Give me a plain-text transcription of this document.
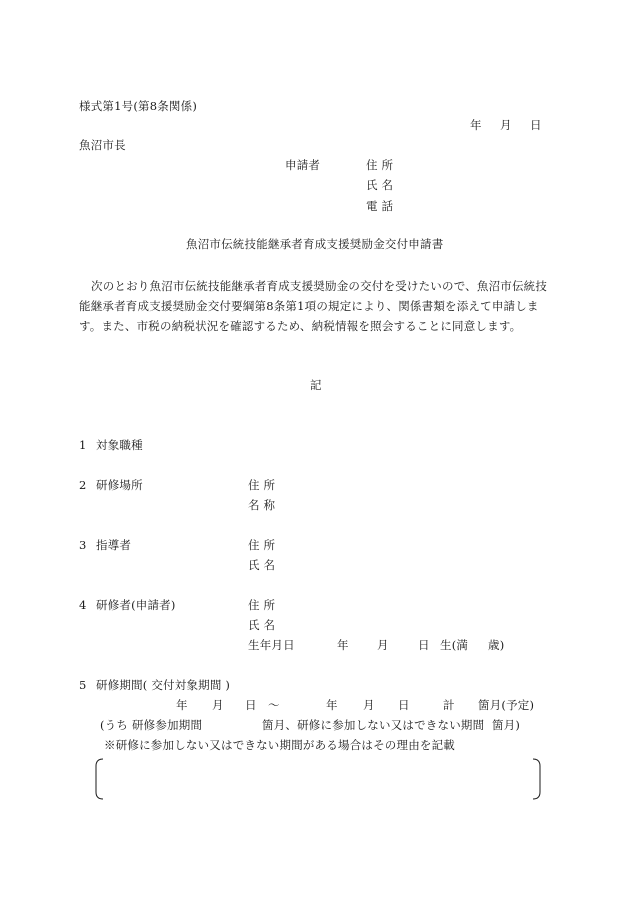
様式第1号(第8条関係)
年 月 日
魚沼市長
申請者	住 所
氏 名
電 話
魚沼市伝統技能継承者育成支援奨励金交付申請書
次のとおり魚沼市伝統技能継承者育成支援奨励金の交付を受けたいので、魚沼市伝統技能継承者育成支援奨励金交付要綱第8条第1項の規定により、関係書類を添えて申請します。また、市税の納税状況を確認するため、納税情報を照会することに同意します。
記
1 対象職種
2 研修場所	住 所
名 称
3 指導者	住 所
氏 名
4 研修者(申請者)	住 所
氏 名
生年月日	年 月	日 生(満 歳)
5 研修期間( 交付対象期間 )
年 月 日 〜	年 月 日	計 箇月(予定)
(うち 研修参加期間	箇月、研修に参加しない又はできない期間 箇月)
※研修に参加しない又はできない期間がある場合はその理由を記載
